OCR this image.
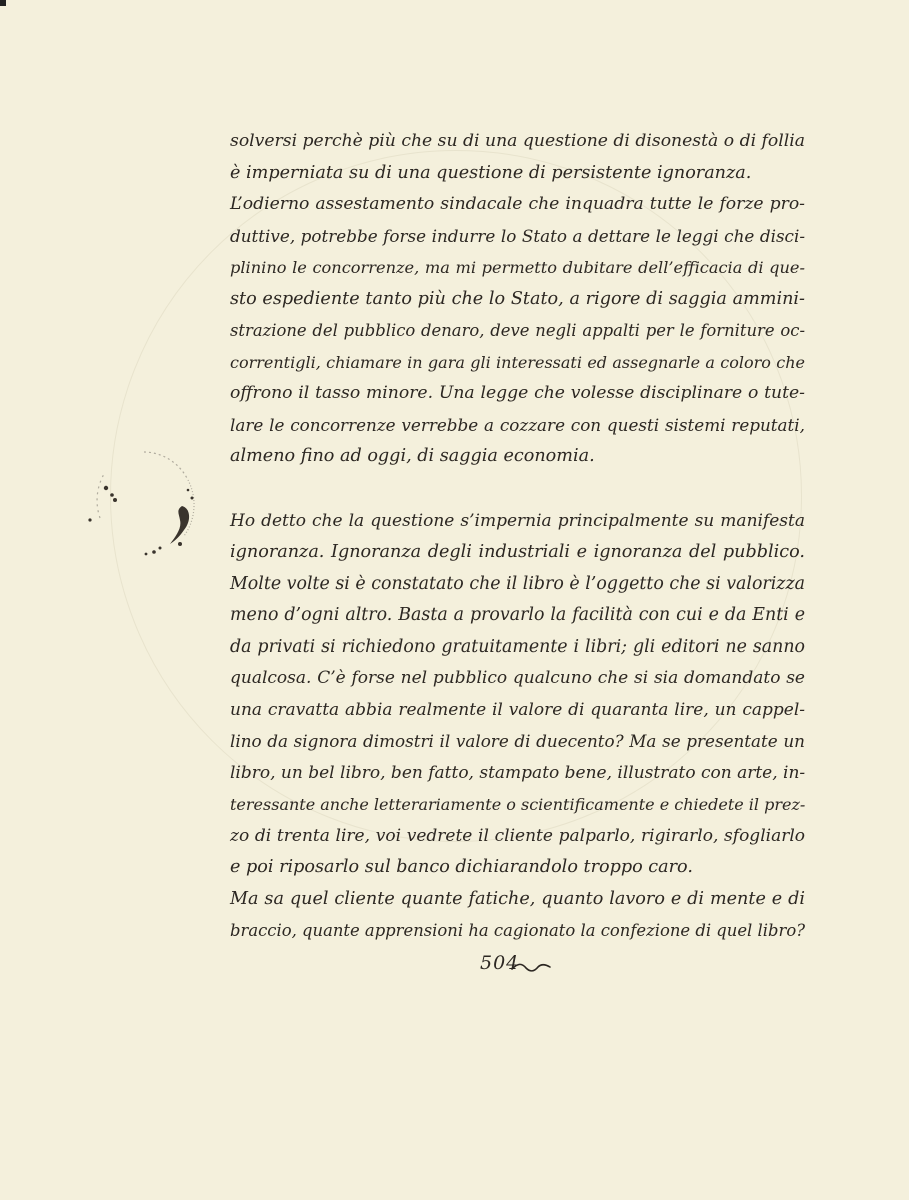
solversi perchè più che su di una questione di disonestà o di follia
è imperniata su di una questione di persistente ignoranza.
L’odierno assestamento sindacale che inquadra tutte le forze pro-
duttive, potrebbe forse indurre lo Stato a dettare le leggi che disci-
plinino le concorrenze, ma mi permetto dubitare dell’efficacia di que-
sto espediente tanto più che lo Stato, a rigore di saggia ammini-
strazione del pubblico denaro, deve negli appalti per le forniture oc-
correntigli, chiamare in gara gli interessati ed assegnarle a coloro che
offrono il tasso minore. Una legge che volesse disciplinare o tute-
lare le concorrenze verrebbe a cozzare con questi sistemi reputati,
almeno fino ad oggi, di saggia economia.
Ho detto che la questione s’impernia principalmente su manifesta
ignoranza. Ignoranza degli industriali e ignoranza del pubblico.
Molte volte si è constatato che il libro è l’oggetto che si valorizza
meno d’ogni altro. Basta a provarlo la facilità con cui e da Enti e
da privati si richiedono gratuitamente i libri; gli editori ne sanno
qualcosa. C’è forse nel pubblico qualcuno che si sia domandato se
una cravatta abbia realmente il valore di quaranta lire, un cappel-
lino da signora dimostri il valore di duecento? Ma se presentate un
libro, un bel libro, ben fatto, stampato bene, illustrato con arte, in-
teressante anche letterariamente o scientificamente e chiedete il prez-
zo di trenta lire, voi vedrete il cliente palparlo, rigirarlo, sfogliarlo
e poi riposarlo sul banco dichiarandolo troppo caro.
Ma sa quel cliente quante fatiche, quanto lavoro e di mente e di
braccio, quante apprensioni ha cagionato la confezione di quel libro?
504
